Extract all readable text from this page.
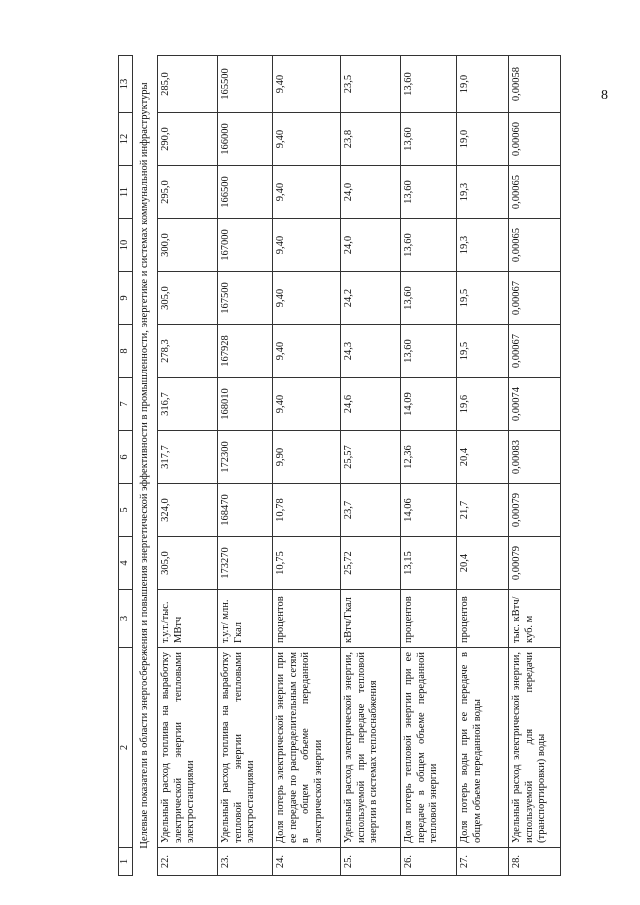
8
1	2	3	4	5	6	7	8	9	10	11	12	13
Целевые показатели в области энергосбережения и повышения энергетической эффективности в промышленности, энергетике и системах коммунальной инфраструктуры												
22.	Удельный расход топлива на выработку электрической энергии тепловыми электростанциями	т.у.т./тыс. МВтч	305,0	324,0	317,7	316,7	278,3	305,0	300,0	295,0	290,0	285,0
23.	Удельный расход топлива на выработку тепловой энергии тепловыми электростанциями	т.у.т/ млн. Гкал	173270	168470	172300	168010	167928	167500	167000	166500	166000	165500
24.	Доля потерь электрической энергии при ее передаче по распределительным сетям в общем объеме переданной электрической энергии	процентов	10,75	10,78	9,90	9,40	9,40	9,40	9,40	9,40	9,40	9,40
25.	Удельный расход электрической энергии, используемой при передаче тепловой энергии в системах теплоснабжения	кВтч/Гкал	25,72	23,7	25,57	24,6	24,3	24,2	24,0	24,0	23,8	23,5
26.	Доля потерь тепловой энергии при ее передаче в общем объеме переданной тепловой энергии	процентов	13,15	14,06	12,36	14,09	13,60	13,60	13,60	13,60	13,60	13,60
27.	Доля потерь воды при ее передаче в общем объеме переданной воды	процентов	20,4	21,7	20,4	19,6	19,5	19,5	19,3	19,3	19,0	19,0
28.	Удельный расход электрической энергии, используемой для передачи (транспортировки) воды	тыс. кВтч/ куб. м	0,00079	0,00079	0,00083	0,00074	0,00067	0,00067	0,00065	0,00065	0,00060	0,00058
